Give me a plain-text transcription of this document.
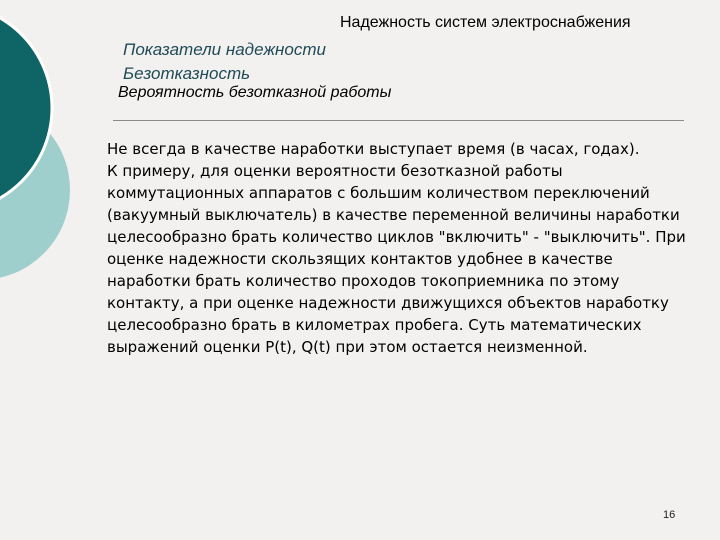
Надежность систем электроснабжения
Показатели надежности
Безотказность
Вероятность безотказной работы

Не всегда в качестве наработки выступает время (в часах, годах).

К примеру, для оценки вероятности безотказной работы коммутационных аппаратов с большим количеством переключений (вакуумный выключатель) в качестве переменной величины наработки целесообразно брать количество циклов "включить" - "выключить". При оценке надежности скользящих контактов удобнее в качестве наработки брать количество проходов токоприемника по этому контакту, а при оценке надежности движущихся объектов наработку целесообразно брать в километрах пробега. Суть математических выражений оценки P(t), Q(t) при этом остается неизменной.

16
